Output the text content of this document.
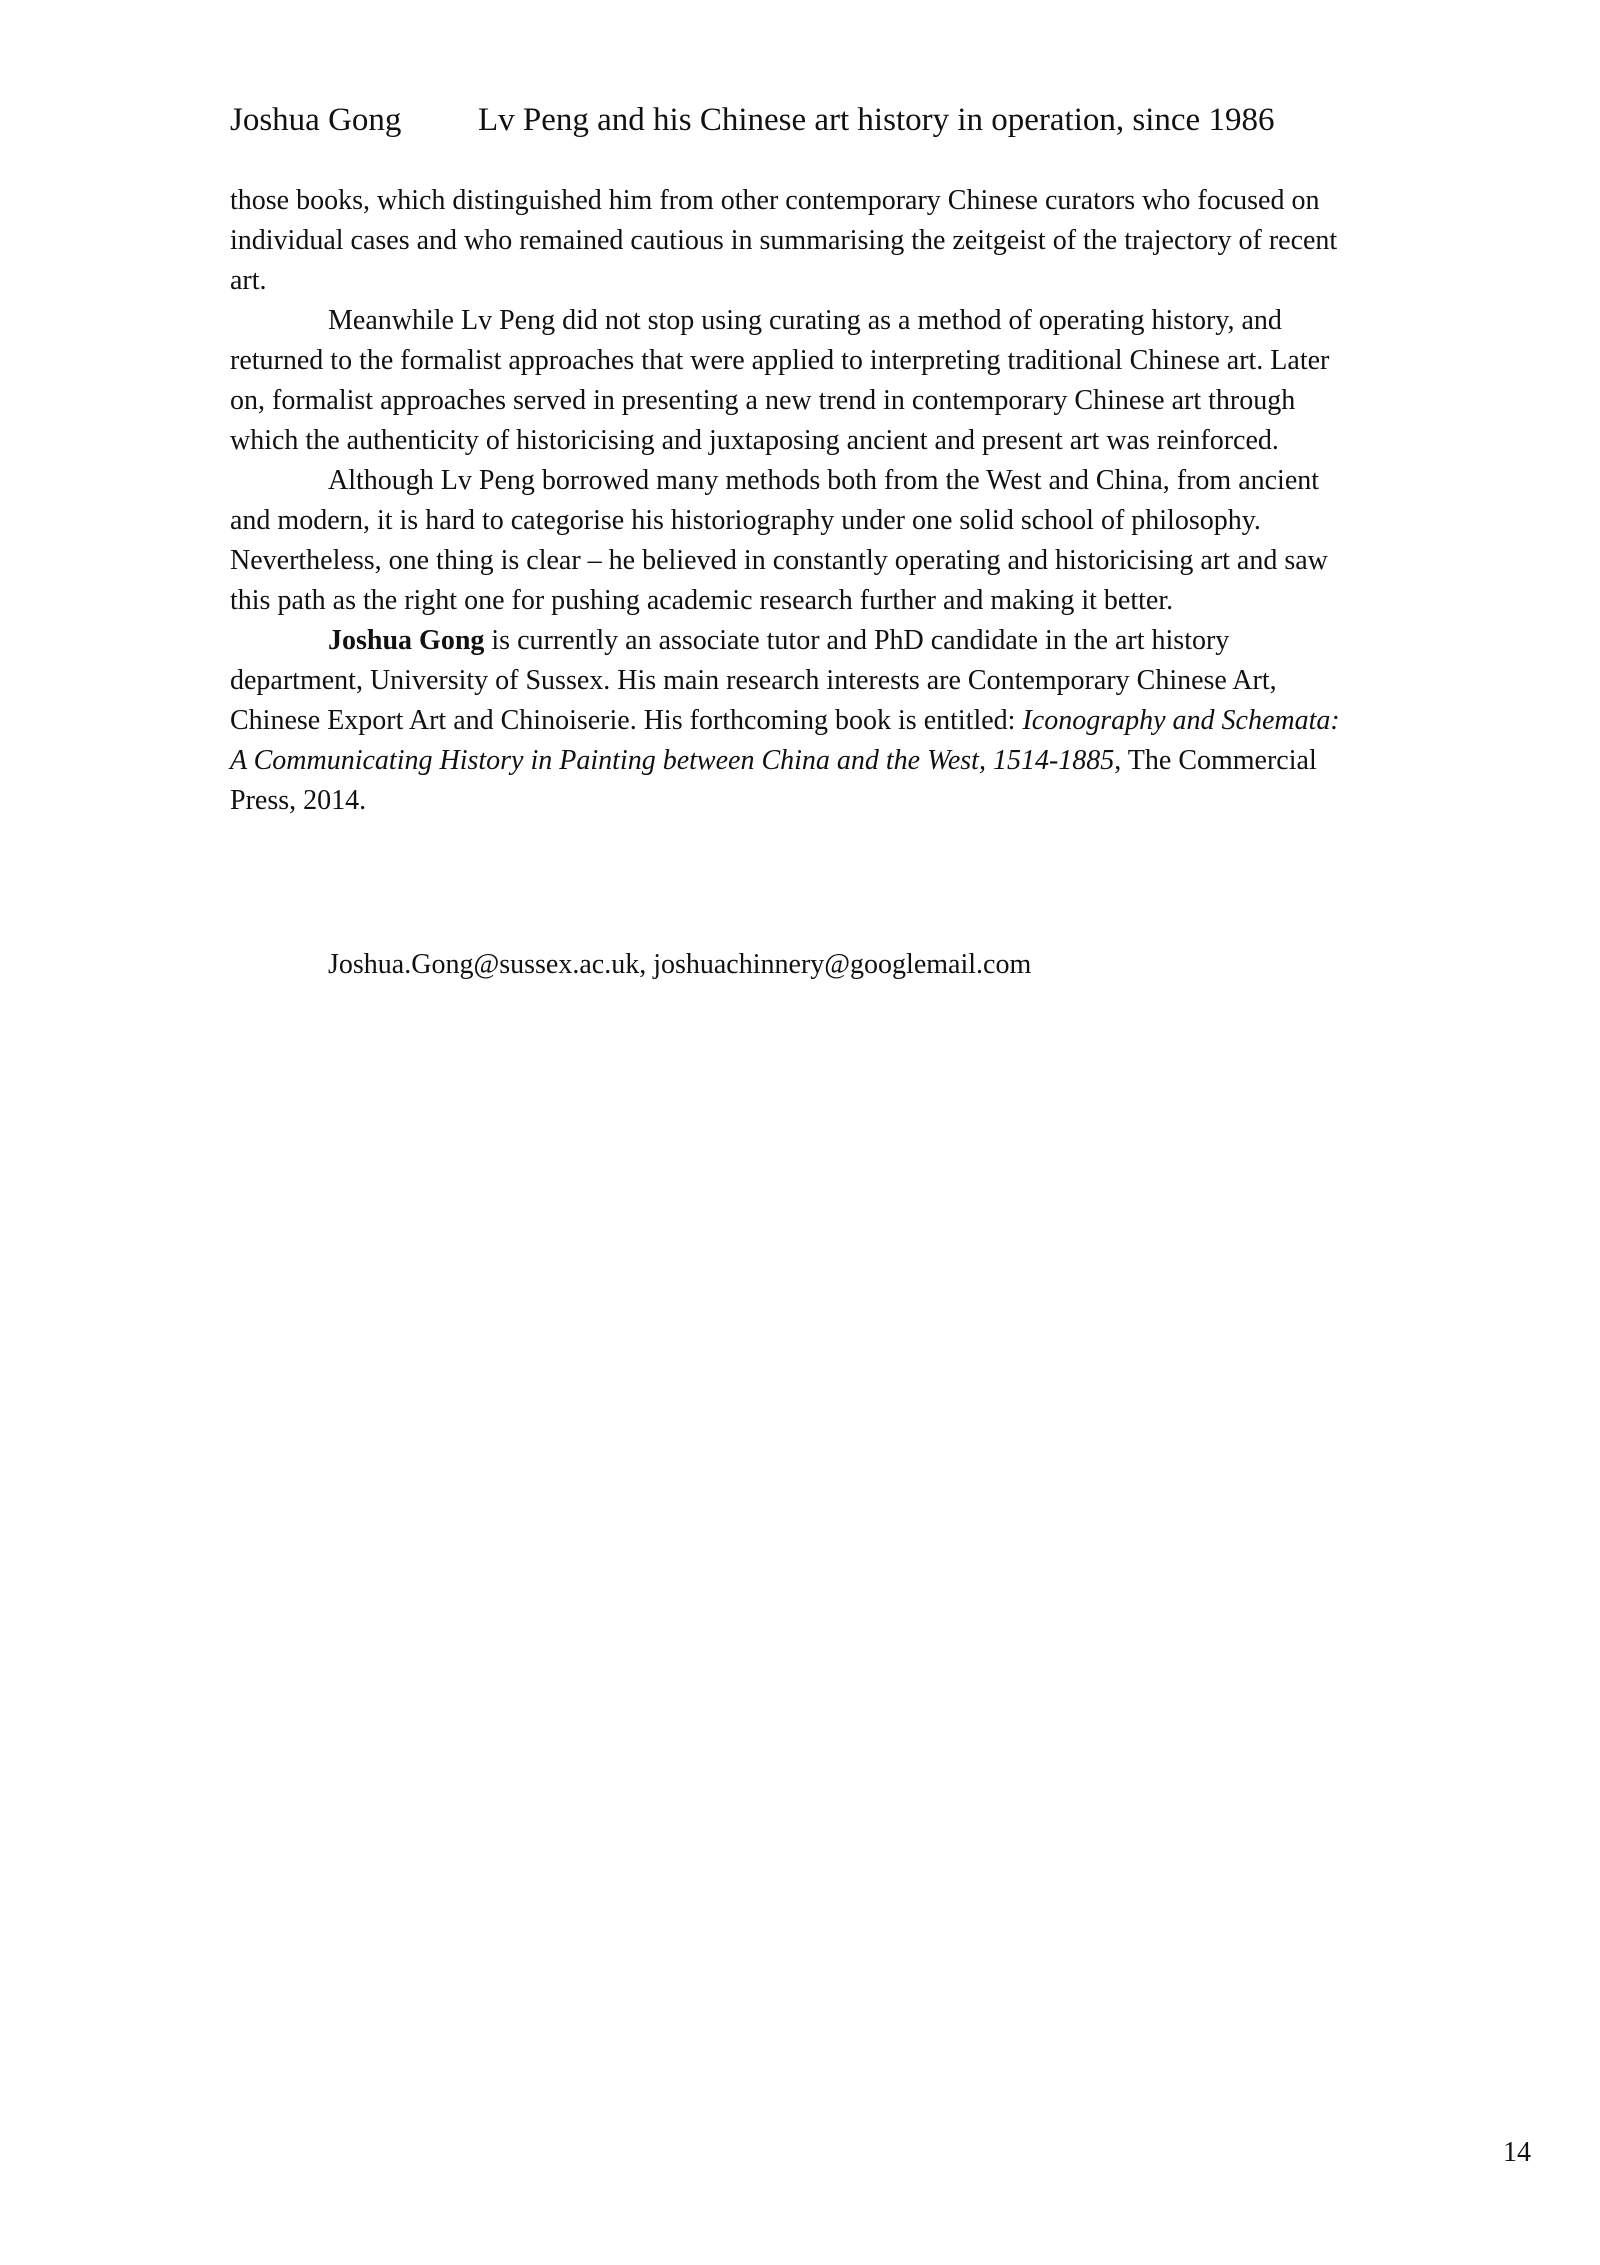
Joshua Gong Lv Peng and his Chinese art history in operation, since 1986

those books, which distinguished him from other contemporary Chinese curators who focused on individual cases and who remained cautious in summarising the zeitgeist of the trajectory of recent art.

Meanwhile Lv Peng did not stop using curating as a method of operating history, and returned to the formalist approaches that were applied to interpreting traditional Chinese art. Later on, formalist approaches served in presenting a new trend in contemporary Chinese art through which the authenticity of historicising and juxtaposing ancient and present art was reinforced.

Although Lv Peng borrowed many methods both from the West and China, from ancient and modern, it is hard to categorise his historiography under one solid school of philosophy. Nevertheless, one thing is clear – he believed in constantly operating and historicising art and saw this path as the right one for pushing academic research further and making it better.

Joshua Gong is currently an associate tutor and PhD candidate in the art history department, University of Sussex. His main research interests are Contemporary Chinese Art, Chinese Export Art and Chinoiserie. His forthcoming book is entitled: Iconography and Schemata: A Communicating History in Painting between China and the West, 1514-1885, The Commercial Press, 2014.

Joshua.Gong@sussex.ac.uk, joshuachinnery@googlemail.com
14
